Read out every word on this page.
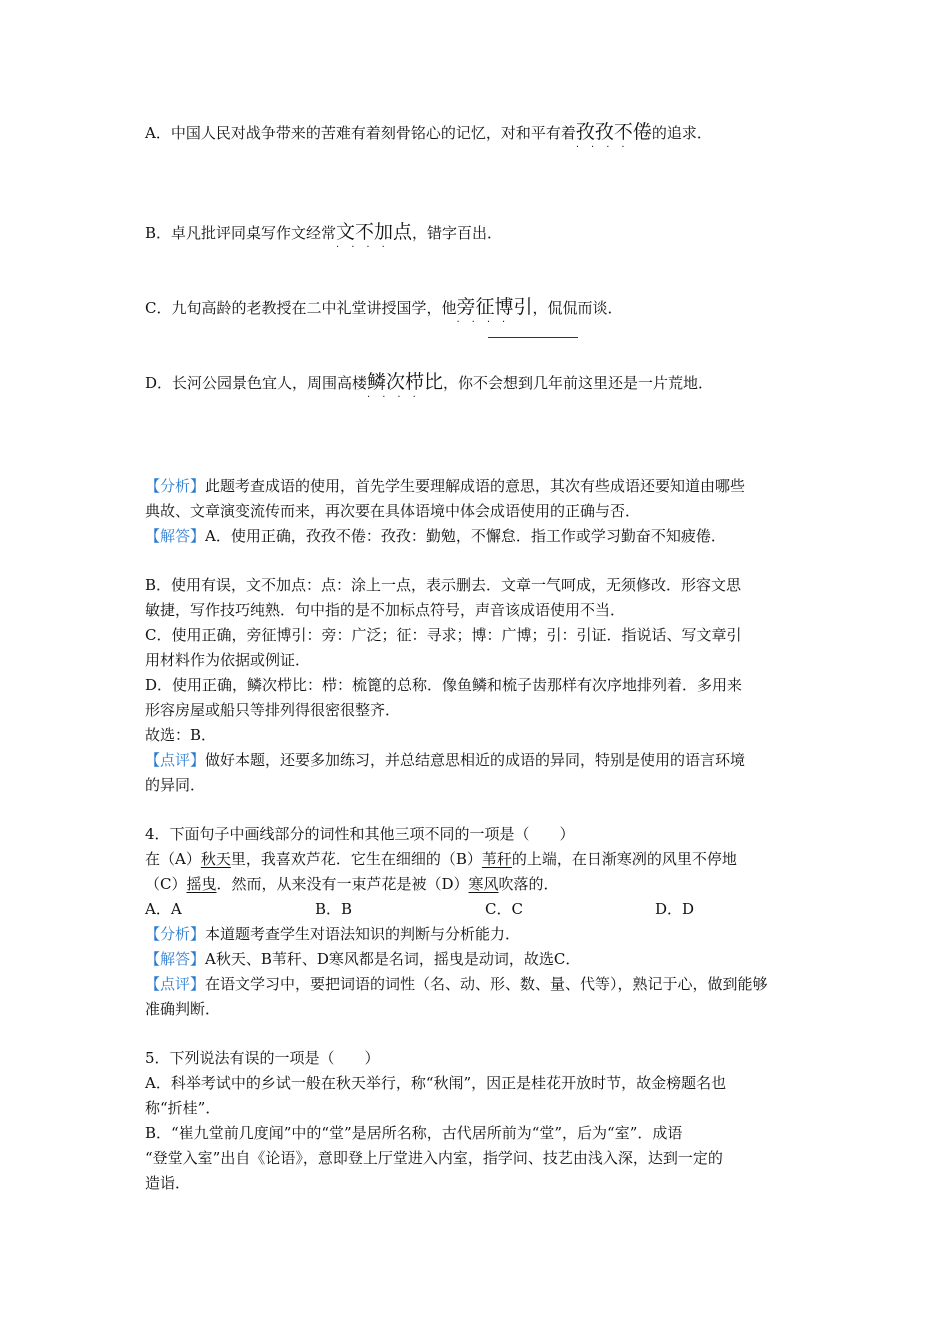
A．中国人民对战争带来的苦难有着刻骨铭心的记忆，对和平有着孜孜不倦
····
的追求．
B．卓凡批评同桌写作文经常文不加点
····
，错字百出．
C．九旬高龄的老教授在二中礼堂讲授国学，他旁征博引
····
，侃侃而谈．
D．长河公园景色宜人，周围高楼鳞次栉比
····
，你不会想到几年前这里还是一片荒地．
【分析】此题考查成语的使用，首先学生要理解成语的意思，其次有些成语还要知道由哪些
典故、文章演变流传而来，再次要在具体语境中体会成语使用的正确与否．
【解答】A．使用正确，孜孜不倦：孜孜：勤勉，不懈怠．指工作或学习勤奋不知疲倦．
B．使用有误，文不加点：点：涂上一点，表示删去．文章一气呵成，无须修改．形容文思
敏捷，写作技巧纯熟．句中指的是不加标点符号，声音该成语使用不当．
C．使用正确，旁征博引：旁：广泛；征：寻求；博：广博；引：引证．指说话、写文章引
用材料作为依据或例证．
D．使用正确，鳞次栉比：栉：梳篦的总称．像鱼鳞和梳子齿那样有次序地排列着．多用来
形容房屋或船只等排列得很密很整齐．
故选：B．
【点评】做好本题，还要多加练习，并总结意思相近的成语的异同，特别是使用的语言环境
的异同．
4．下面句子中画线部分的词性和其他三项不同的一项是（　　）
在（A）秋天里，我喜欢芦花．它生在细细的（B）苇秆的上端，在日渐寒冽的风里不停地
（C）摇曳．然而，从来没有一束芦花是被（D）寒风吹落的．
A．A	B．B	C．C	D．D
【分析】本道题考查学生对语法知识的判断与分析能力．
【解答】A秋天、B苇秆、D寒风都是名词，摇曳是动词，故选C．
【点评】在语文学习中，要把词语的词性（名、动、形、数、量、代等），熟记于心，做到能够
准确判断．
5．下列说法有误的一项是（　　）
A．科举考试中的乡试一般在秋天举行，称“秋闱”，因正是桂花开放时节，故金榜题名也
称“折桂”．
B．“崔九堂前几度闻”中的“堂”是居所名称，古代居所前为“堂”，后为“室”．成语
“登堂入室”出自《论语》，意即登上厅堂进入内室，指学问、技艺由浅入深，达到一定的
造诣．
